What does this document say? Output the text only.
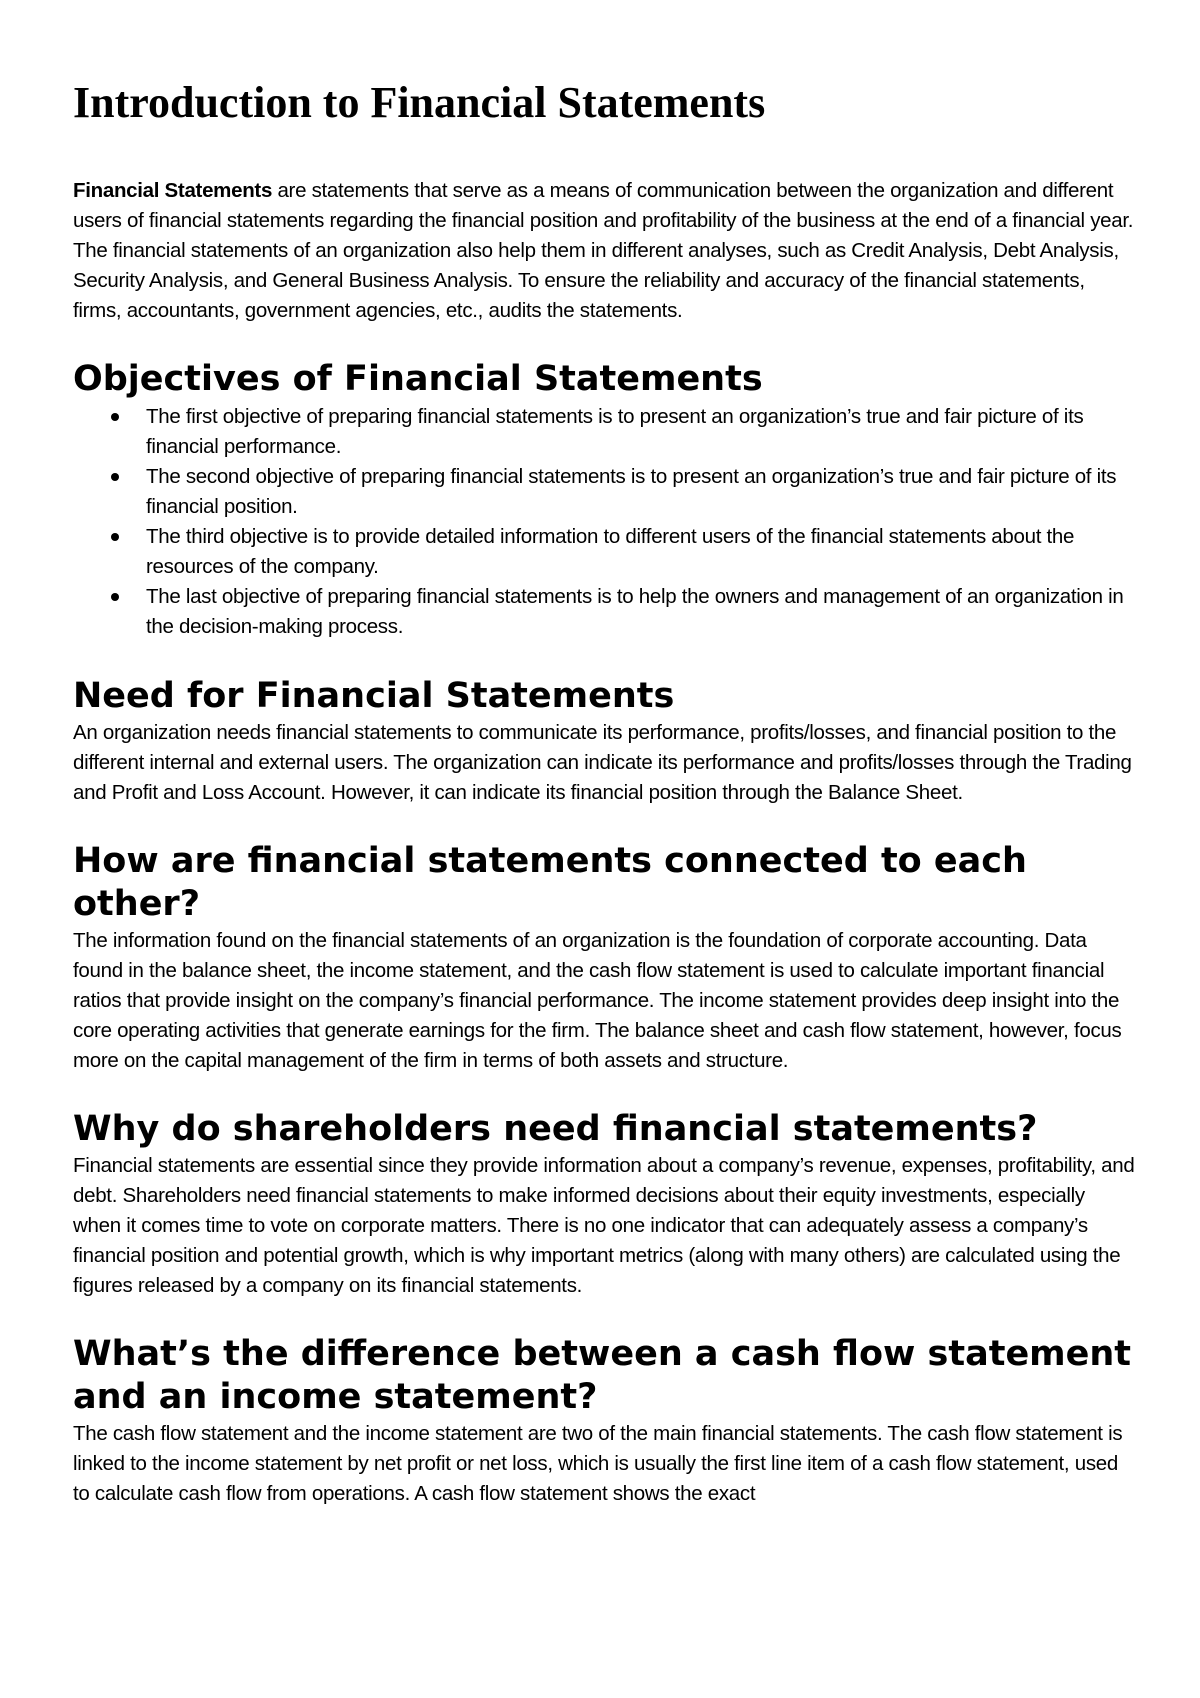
Introduction to Financial Statements

Financial Statements are statements that serve as a means of communication between the organization and different users of financial statements regarding the financial position and profitability of the business at the end of a financial year. The financial statements of an organization also help them in different analyses, such as Credit Analysis, Debt Analysis, Security Analysis, and General Business Analysis. To ensure the reliability and accuracy of the financial statements, firms, accountants, government agencies, etc., audits the statements.

Objectives of Financial Statements
The first objective of preparing financial statements is to present an organization’s true and fair picture of its financial performance.
The second objective of preparing financial statements is to present an organization’s true and fair picture of its financial position.
The third objective is to provide detailed information to different users of the financial statements about the resources of the company.
The last objective of preparing financial statements is to help the owners and management of an organization in the decision-making process.
Need for Financial Statements

An organization needs financial statements to communicate its performance, profits/losses, and financial position to the different internal and external users. The organization can indicate its performance and profits/losses through the Trading and Profit and Loss Account. However, it can indicate its financial position through the Balance Sheet.

How are financial statements connected to each other?

The information found on the financial statements of an organization is the foundation of corporate accounting. Data found in the balance sheet, the income statement, and the cash flow statement is used to calculate important financial ratios that provide insight on the company’s financial performance. The income statement provides deep insight into the core operating activities that generate earnings for the firm. The balance sheet and cash flow statement, however, focus more on the capital management of the firm in terms of both assets and structure.

Why do shareholders need financial statements?

Financial statements are essential since they provide information about a company’s revenue, expenses, profitability, and debt. Shareholders need financial statements to make informed decisions about their equity investments, especially when it comes time to vote on corporate matters. There is no one indicator that can adequately assess a company’s financial position and potential growth, which is why important metrics (along with many others) are calculated using the figures released by a company on its financial statements.

What’s the difference between a cash flow statement and an income statement?

The cash flow statement and the income statement are two of the main financial statements. The cash flow statement is linked to the income statement by net profit or net loss, which is usually the first line item of a cash flow statement, used to calculate cash flow from operations. A cash flow statement shows the exact
